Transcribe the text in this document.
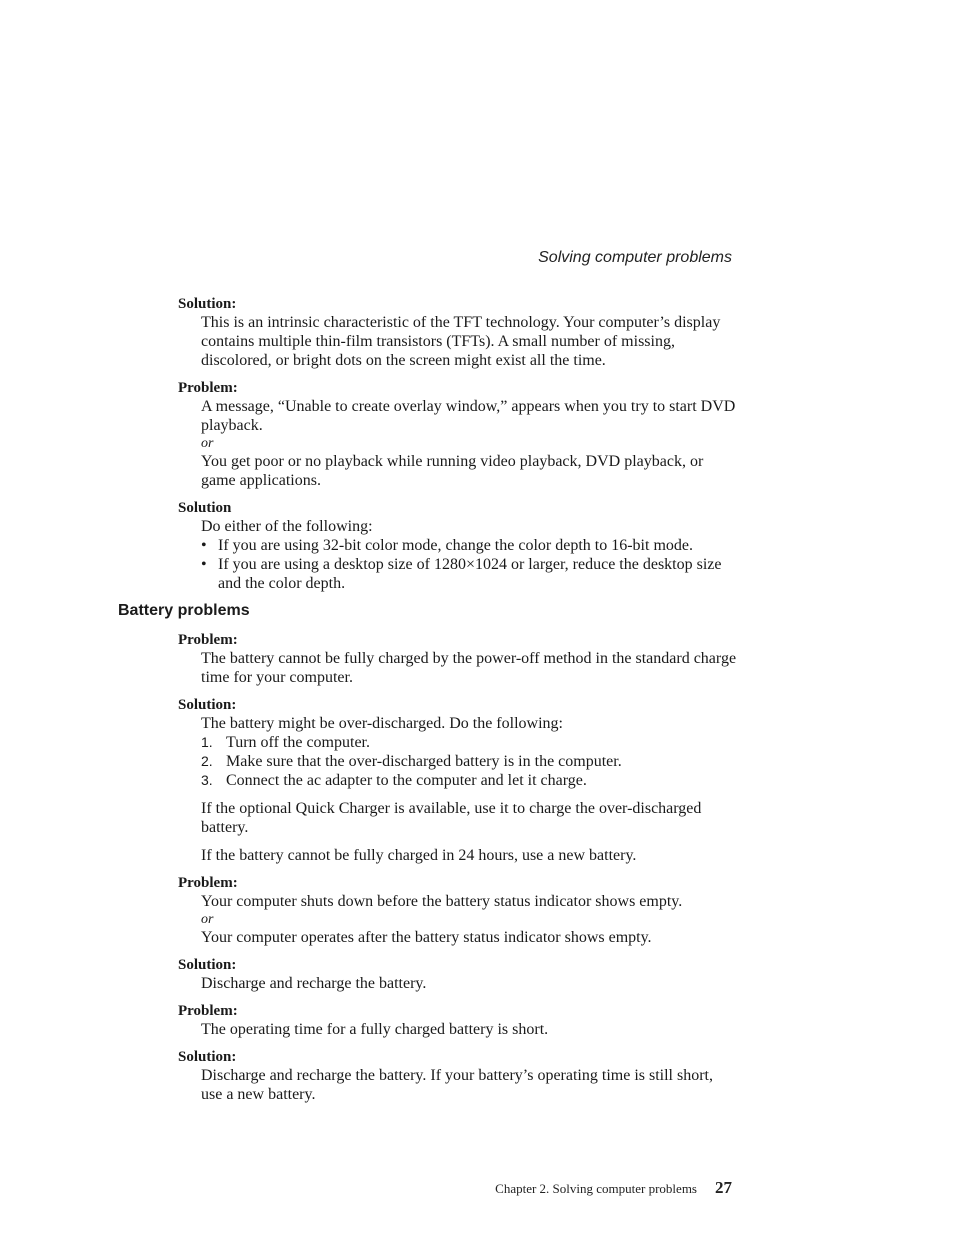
Solving computer problems
Solution:
This is an intrinsic characteristic of the TFT technology. Your computer’s display contains multiple thin-film transistors (TFTs). A small number of missing, discolored, or bright dots on the screen might exist all the time.
Problem:
A message, “Unable to create overlay window,” appears when you try to start DVD playback.
or
You get poor or no playback while running video playback, DVD playback, or game applications.
Solution
Do either of the following:
• If you are using 32-bit color mode, change the color depth to 16-bit mode.
• If you are using a desktop size of 1280×1024 or larger, reduce the desktop size and the color depth.
Battery problems
Problem:
The battery cannot be fully charged by the power-off method in the standard charge time for your computer.
Solution:
The battery might be over-discharged. Do the following:
1. Turn off the computer.
2. Make sure that the over-discharged battery is in the computer.
3. Connect the ac adapter to the computer and let it charge.
If the optional Quick Charger is available, use it to charge the over-discharged battery.
If the battery cannot be fully charged in 24 hours, use a new battery.
Problem:
Your computer shuts down before the battery status indicator shows empty.
or
Your computer operates after the battery status indicator shows empty.
Solution:
Discharge and recharge the battery.
Problem:
The operating time for a fully charged battery is short.
Solution:
Discharge and recharge the battery. If your battery’s operating time is still short, use a new battery.
Chapter 2. Solving computer problems 27
